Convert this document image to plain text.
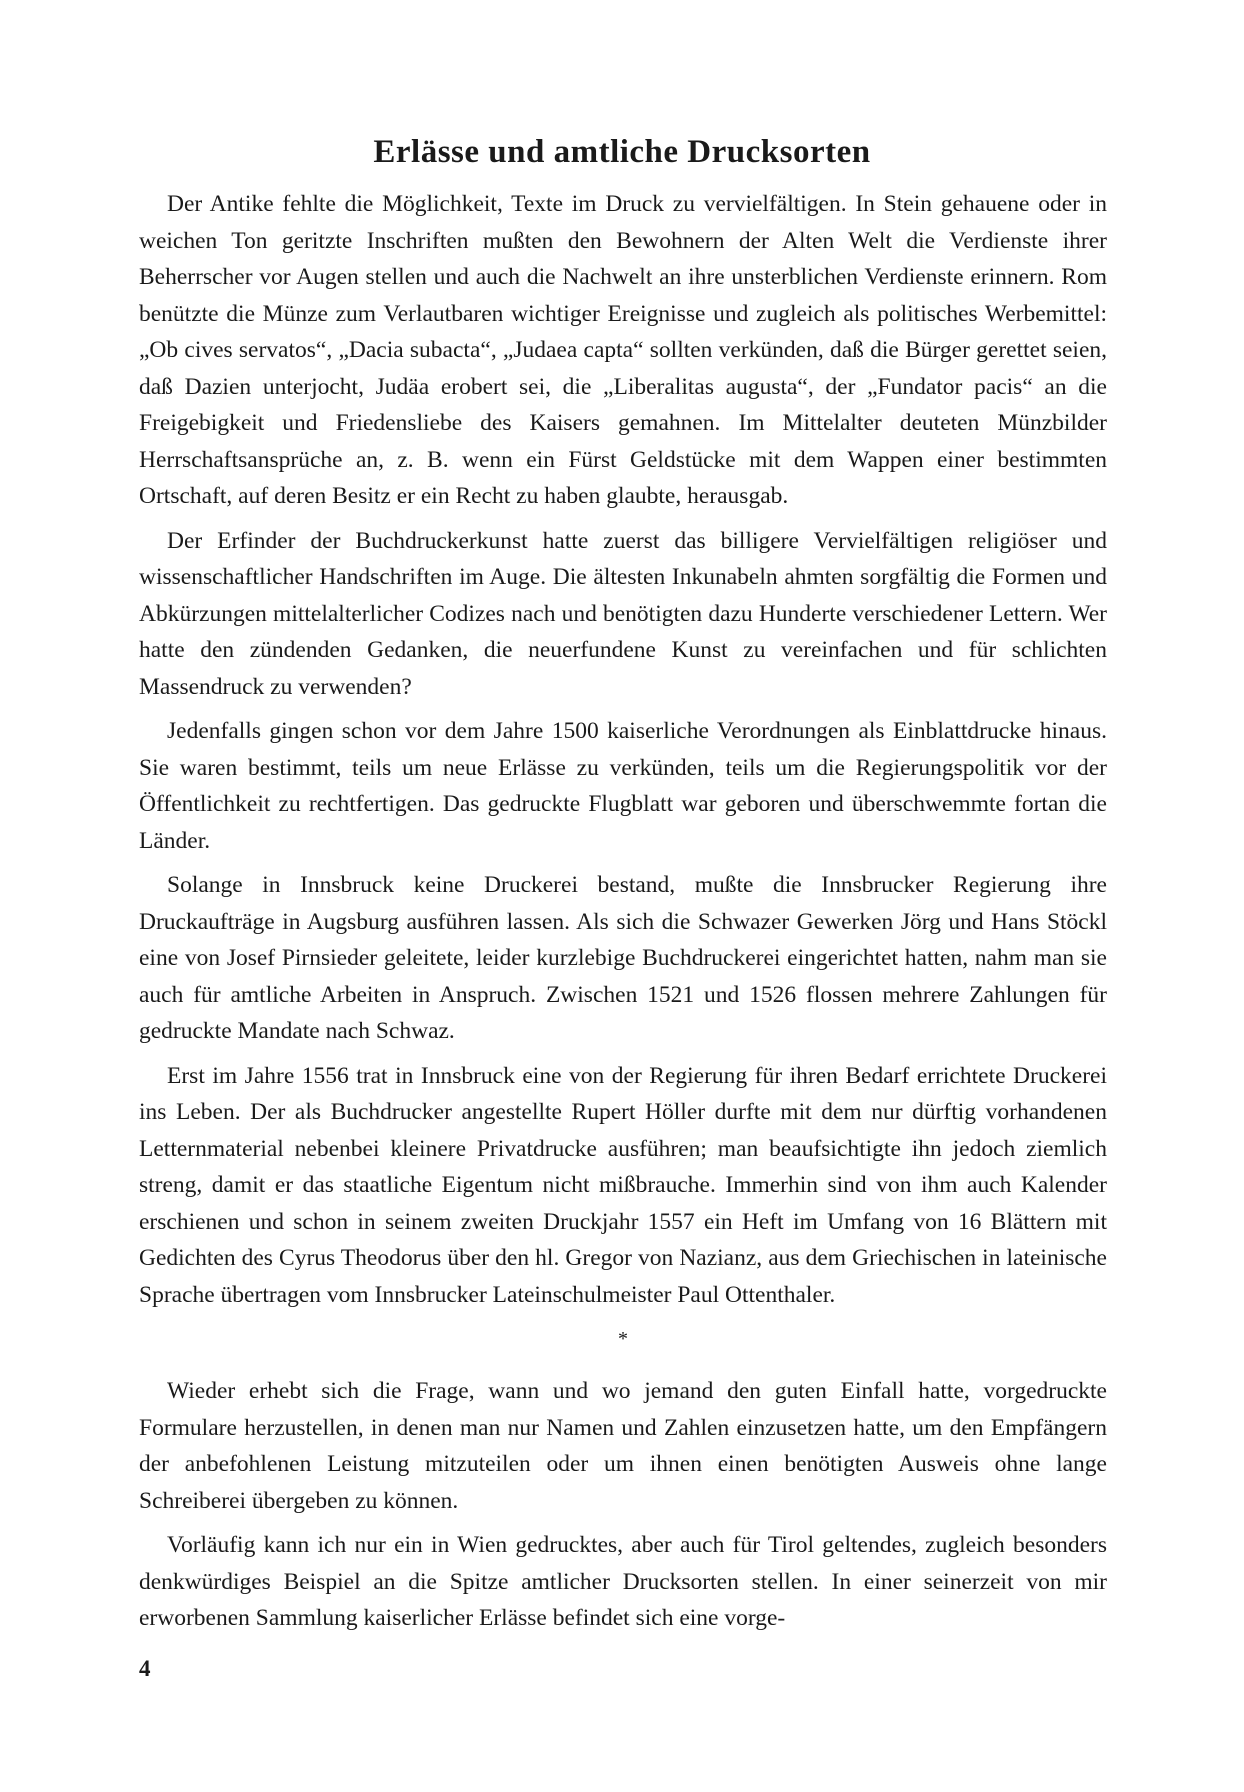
Erlässe und amtliche Drucksorten

Der Antike fehlte die Möglichkeit, Texte im Druck zu vervielfältigen. In Stein gehauene oder in weichen Ton geritzte Inschriften mußten den Bewohnern der Alten Welt die Verdienste ihrer Beherrscher vor Augen stellen und auch die Nachwelt an ihre unsterblichen Verdienste erinnern. Rom benützte die Münze zum Verlautbaren wichtiger Ereignisse und zugleich als politisches Werbemittel: „Ob cives servatos“, „Dacia subacta“, „Judaea capta“ sollten verkünden, daß die Bürger gerettet seien, daß Dazien unterjocht, Judäa erobert sei, die „Liberalitas augusta“, der „Fundator pacis“ an die Freigebigkeit und Friedensliebe des Kaisers gemahnen. Im Mittelalter deuteten Münzbilder Herrschaftsansprüche an, z. B. wenn ein Fürst Geldstücke mit dem Wappen einer bestimmten Ortschaft, auf deren Besitz er ein Recht zu haben glaubte, herausgab.

Der Erfinder der Buchdruckerkunst hatte zuerst das billigere Vervielfältigen religiöser und wissenschaftlicher Handschriften im Auge. Die ältesten Inkunabeln ahmten sorgfältig die Formen und Abkürzungen mittelalterlicher Codizes nach und benötigten dazu Hunderte verschiedener Lettern. Wer hatte den zündenden Gedanken, die neuerfundene Kunst zu vereinfachen und für schlichten Massendruck zu verwenden?

Jedenfalls gingen schon vor dem Jahre 1500 kaiserliche Verordnungen als Einblattdrucke hinaus. Sie waren bestimmt, teils um neue Erlässe zu verkünden, teils um die Regierungspolitik vor der Öffentlichkeit zu rechtfertigen. Das gedruckte Flugblatt war geboren und überschwemmte fortan die Länder.

Solange in Innsbruck keine Druckerei bestand, mußte die Innsbrucker Regierung ihre Druckaufträge in Augsburg ausführen lassen. Als sich die Schwazer Gewerken Jörg und Hans Stöckl eine von Josef Pirnsieder geleitete, leider kurzlebige Buchdruckerei eingerichtet hatten, nahm man sie auch für amtliche Arbeiten in Anspruch. Zwischen 1521 und 1526 flossen mehrere Zahlungen für gedruckte Mandate nach Schwaz.

Erst im Jahre 1556 trat in Innsbruck eine von der Regierung für ihren Bedarf errichtete Druckerei ins Leben. Der als Buchdrucker angestellte Rupert Höller durfte mit dem nur dürftig vorhandenen Letternmaterial nebenbei kleinere Privatdrucke ausführen; man beaufsichtigte ihn jedoch ziemlich streng, damit er das staatliche Eigentum nicht mißbrauche. Immerhin sind von ihm auch Kalender erschienen und schon in seinem zweiten Druckjahr 1557 ein Heft im Umfang von 16 Blättern mit Gedichten des Cyrus Theodorus über den hl. Gregor von Nazianz, aus dem Griechischen in lateinische Sprache übertragen vom Innsbrucker Lateinschulmeister Paul Ottenthaler.

*

Wieder erhebt sich die Frage, wann und wo jemand den guten Einfall hatte, vorgedruckte Formulare herzustellen, in denen man nur Namen und Zahlen einzusetzen hatte, um den Empfängern der anbefohlenen Leistung mitzuteilen oder um ihnen einen benötigten Ausweis ohne lange Schreiberei übergeben zu können.

Vorläufig kann ich nur ein in Wien gedrucktes, aber auch für Tirol geltendes, zugleich besonders denkwürdiges Beispiel an die Spitze amtlicher Drucksorten stellen. In einer seinerzeit von mir erworbenen Sammlung kaiserlicher Erlässe befindet sich eine vorge-

4
